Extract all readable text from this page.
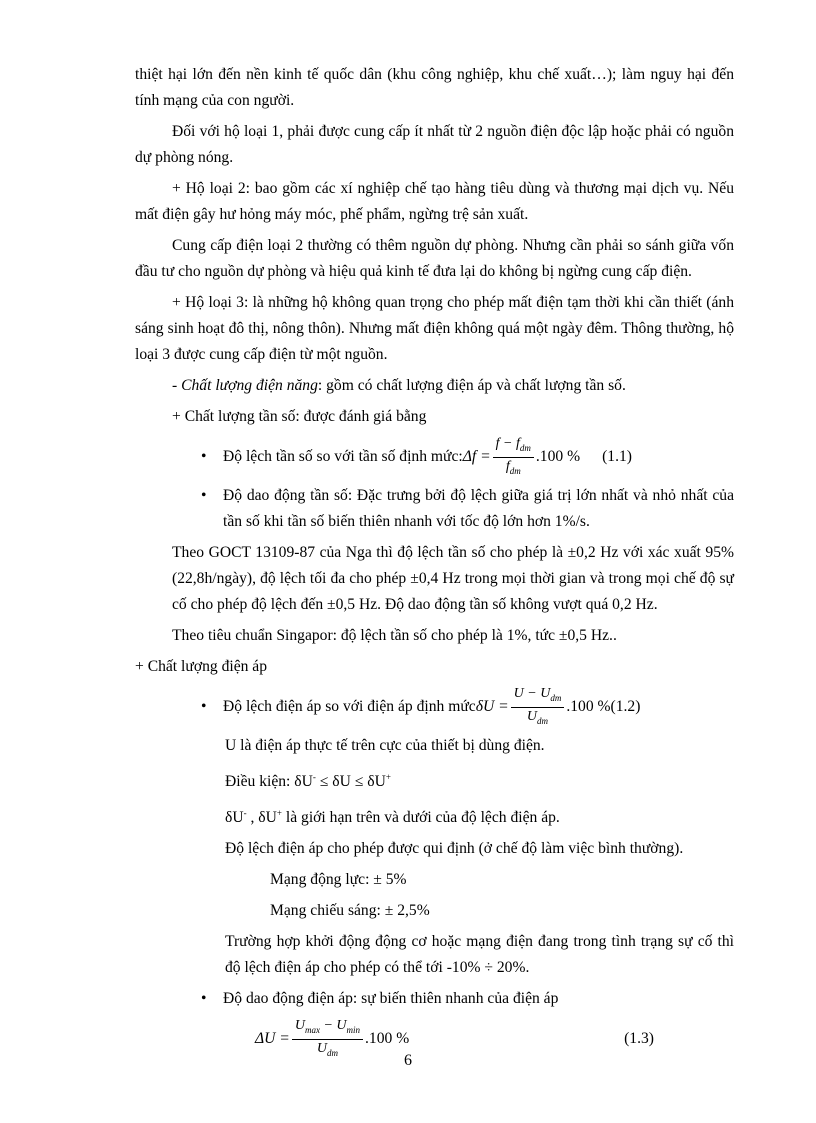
thiệt hại lớn đến nền kinh tế quốc dân (khu công nghiệp, khu chế xuất…); làm nguy hại đến tính mạng của con người.

Đối với hộ loại 1, phải được cung cấp ít nhất từ 2 nguồn điện độc lập hoặc phải có nguồn dự phòng nóng.

+ Hộ loại 2: bao gồm các xí nghiệp chế tạo hàng tiêu dùng và thương mại dịch vụ. Nếu mất điện gây hư hỏng máy móc, phế phẩm, ngừng trệ sản xuất.

Cung cấp điện loại 2 thường có thêm nguồn dự phòng. Nhưng cần phải so sánh giữa vốn đầu tư cho nguồn dự phòng và hiệu quả kinh tế đưa lại do không bị ngừng cung cấp điện.

+ Hộ loại 3: là những hộ không quan trọng cho phép mất điện tạm thời khi cần thiết (ánh sáng sinh hoạt đô thị, nông thôn). Nhưng mất điện không quá một ngày đêm. Thông thường, hộ loại 3 được cung cấp điện từ một nguồn.

- Chất lượng điện năng: gồm có chất lượng điện áp và chất lượng tần số.

+ Chất lượng tần số: được đánh giá bằng

• Độ lệch tần số so với tần số định mức: $\Delta f = \frac{f - f_{dm}}{f_{dm}} .100$ % (1.1)
• Độ dao động tần số: Đặc trưng bởi độ lệch giữa giá trị lớn nhất và nhỏ nhất của tần số khi tần số biến thiên nhanh với tốc độ lớn hơn 1%/s.

Theo GOCT 13109-87 của Nga thì độ lệch tần số cho phép là ±0,2 Hz với xác xuất 95% (22,8h/ngày), độ lệch tối đa cho phép ±0,4 Hz trong mọi thời gian và trong mọi chế độ sự cố cho phép độ lệch đến ±0,5 Hz. Độ dao động tần số không vượt quá 0,2 Hz.

Theo tiêu chuẩn Singapor: độ lệch tần số cho phép là 1%, tức ±0,5 Hz..

+ Chất lượng điện áp

• Độ lệch điện áp so với điện áp định mức $\delta U = \frac{U - U_{dm}}{U_{dm}} .100$ % (1.2)

U là điện áp thực tế trên cực của thiết bị dùng điện.

Điều kiện: δU- ≤ δU ≤ δU+

δU- , δU+ là giới hạn trên và dưới của độ lệch điện áp.

Độ lệch điện áp cho phép được qui định (ở chế độ làm việc bình thường).

Mạng động lực: ± 5%

Mạng chiếu sáng: ± 2,5%

Trường hợp khởi động động cơ hoặc mạng điện đang trong tình trạng sự cố thì độ lệch điện áp cho phép có thể tới -10% ÷ 20%.

• Độ dao động điện áp: sự biến thiên nhanh của điện áp
$\Delta U = \frac{U_{max} - U_{min}}{U_{dm}} .100$ %	(1.3)
6
